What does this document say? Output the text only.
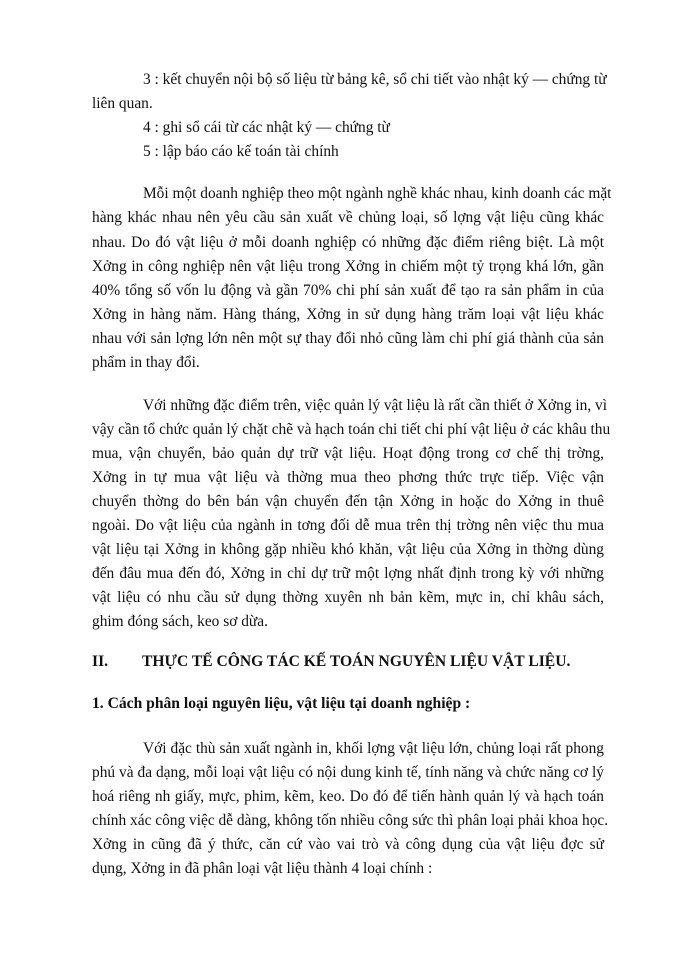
3 : kết chuyển nội bộ số liệu từ bảng kê, sổ chi tiết vào nhật ký — chứng từ
liên quan.
4 : ghi sổ cái từ các nhật ký — chứng từ
5 : lập báo cáo kế toán tài chính
Mỗi một doanh nghiệp theo một ngành nghề khác nhau, kinh doanh các mặt
hàng khác nhau nên yêu cầu sản xuất về chủng loại, số lợng vật liệu cũng khác
nhau. Do đó vật liệu ở mỗi doanh nghiệp có những đặc điểm riêng biệt. Là một
Xởng in công nghiệp nên vật liệu trong Xởng in chiếm một tỷ trọng khá lớn, gần
40% tổng số vốn lu động và gần 70% chi phí sản xuất để tạo ra sản phẩm in của
Xởng in hàng năm. Hàng tháng, Xởng in sử dụng hàng trăm loại vật liệu khác
nhau với sản lợng lớn nên một sự thay đổi nhỏ cũng làm chi phí giá thành của sản
phẩm in thay đổi.
Với những đặc điểm trên, việc quản lý vật liệu là rất cần thiết ở Xởng in, vì
vậy cần tổ chức quản lý chặt chẽ và hạch toán chi tiết chi phí vật liệu ở các khâu thu
mua, vận chuyển, bảo quản dự trữ vật liệu. Hoạt động trong cơ chế thị trờng,
Xởng in tự mua vật liệu và thờng mua theo phơng thức trực tiếp. Việc vận
chuyển thờng do bên bán vận chuyển đến tận Xởng in hoặc do Xởng in thuê
ngoài. Do vật liệu của ngành in tơng đối dễ mua trên thị trờng nên việc thu mua
vật liệu tại Xởng in không gặp nhiều khó khăn, vật liệu của Xởng in thờng dùng
đến đâu mua đến đó, Xởng in chỉ dự trữ một lợng nhất định trong kỳ với những
vật liệu có nhu cầu sử dụng thờng xuyên nh bản kẽm, mực in, chỉ khâu sách,
ghim đóng sách, keo sơ dừa.
II. THỰC TẾ CÔNG TÁC KẾ TOÁN NGUYÊN LIỆU VẬT LIỆU.
1. Cách phân loại nguyên liệu, vật liệu tại doanh nghiệp :
Với đặc thù sản xuất ngành in, khối lợng vật liệu lớn, chủng loại rất phong
phú và đa dạng, mỗi loại vật liệu có nội dung kinh tế, tính năng và chức năng cơ lý
hoá riêng nh giấy, mực, phim, kẽm, keo. Do đó để tiến hành quản lý và hạch toán
chính xác công việc dễ dàng, không tốn nhiều công sức thì phân loại phải khoa học.
Xởng in cũng đã ý thức, căn cứ vào vai trò và công dụng của vật liệu đợc sử
dụng, Xởng in đã phân loại vật liệu thành 4 loại chính :
